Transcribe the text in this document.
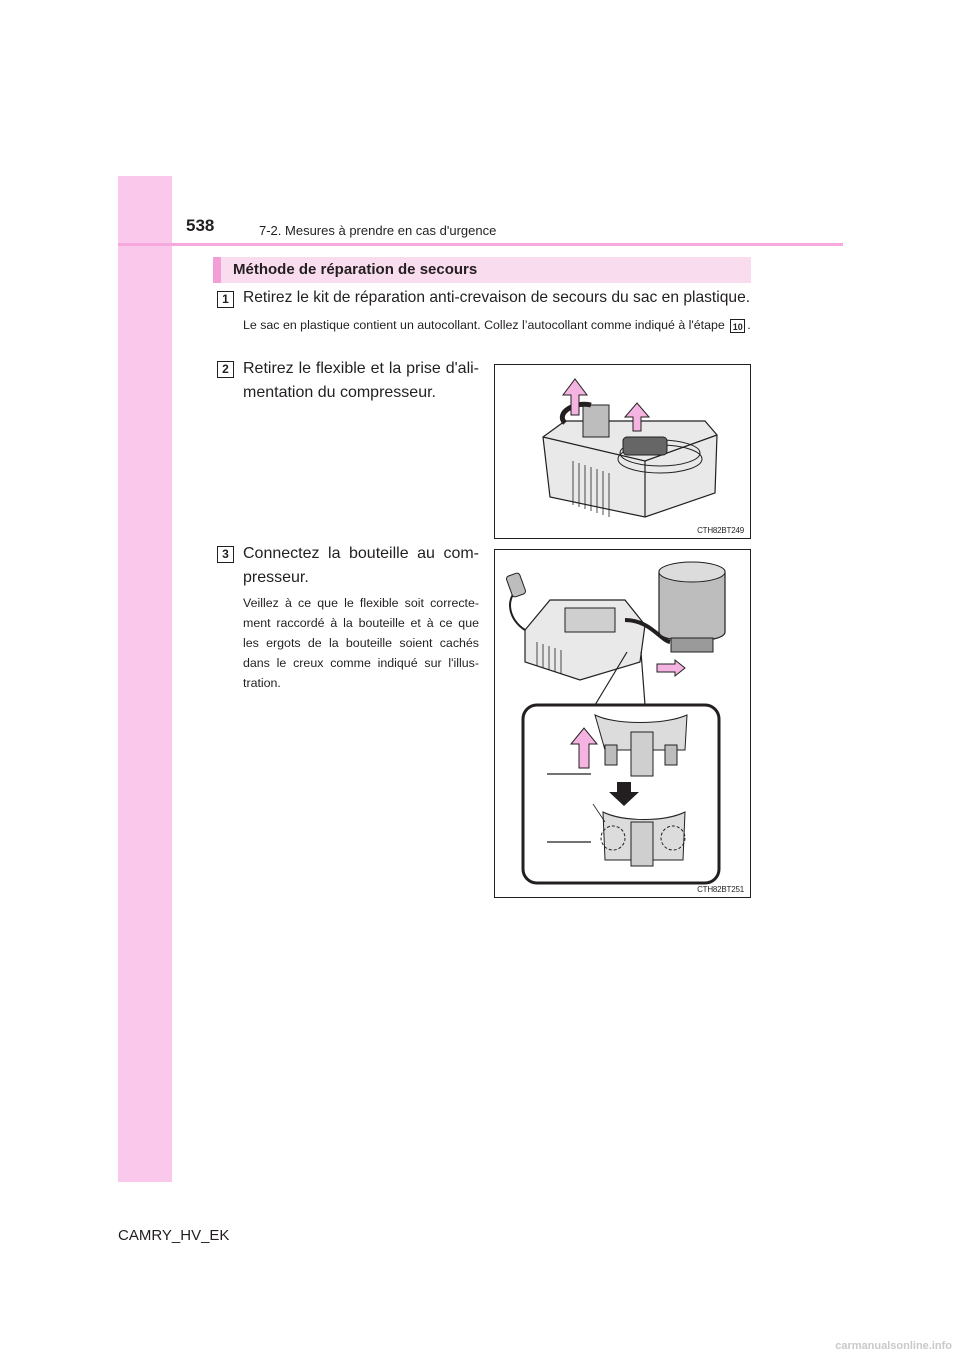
538	7-2. Mesures à prendre en cas d'urgence
Méthode de réparation de secours
1 Retirez le kit de réparation anti-crevaison de secours du sac en plastique.
Le sac en plastique contient un autocollant. Collez l’autocollant comme indiqué à l'étape 10 .
2 Retirez le flexible et la prise d'ali-mentation du compresseur.
CTH82BT249
3 Connectez la bouteille au com-presseur.
Veillez à ce que le flexible soit correcte-ment raccordé à la bouteille et à ce que les ergots de la bouteille soient cachés dans le creux comme indiqué sur l'illus-tration.
CTH82BT251
CAMRY_HV_EK
carmanualsonline.info
